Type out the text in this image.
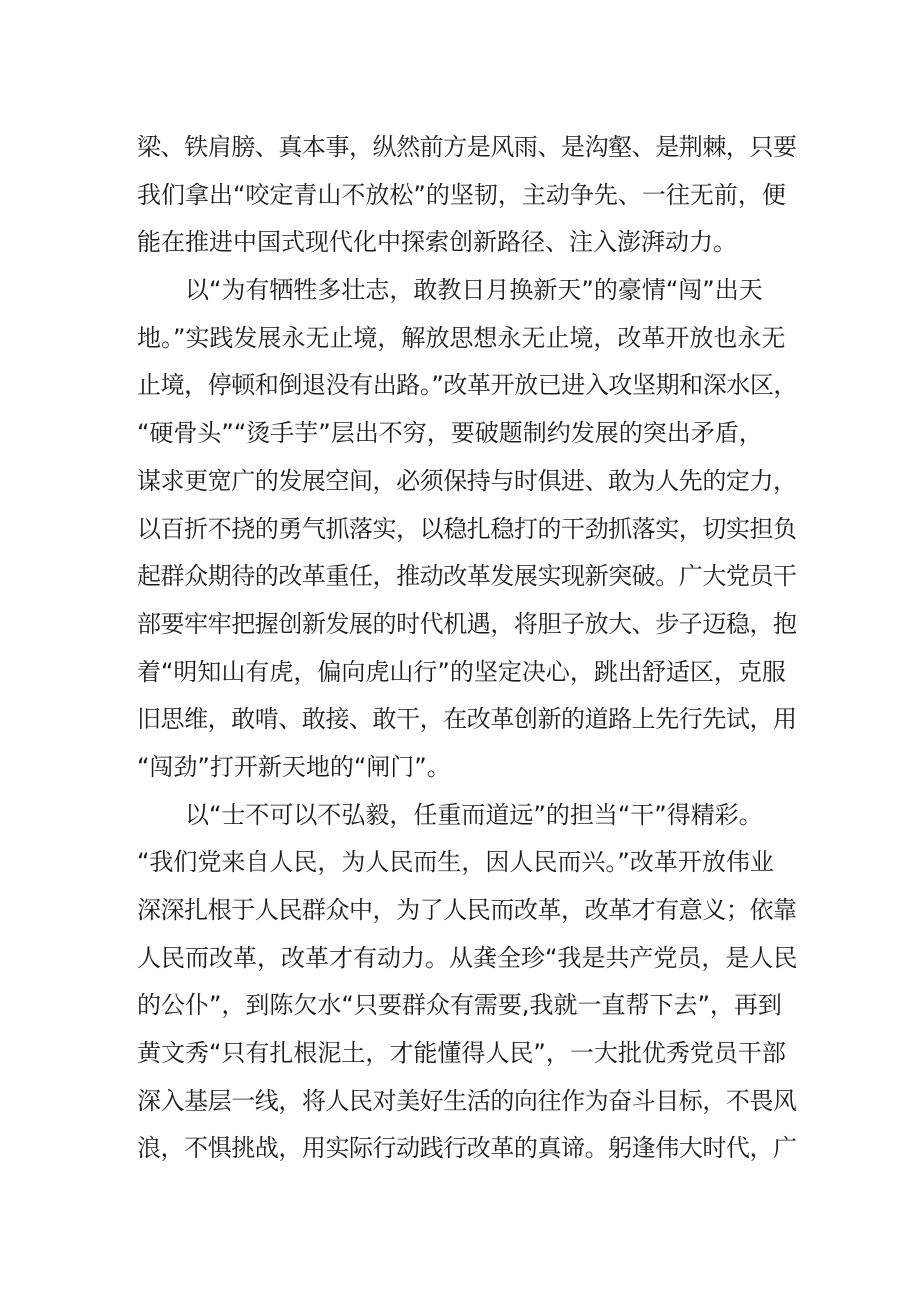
梁、铁肩膀、真本事，纵然前方是风雨、是沟壑、是荆棘，只要
我们拿出“咬定青山不放松”的坚韧，主动争先、一往无前，便
能在推进中国式现代化中探索创新路径、注入澎湃动力。
以“为有牺牲多壮志，敢教日月换新天”的豪情“闯”出天
地。”实践发展永无止境，解放思想永无止境，改革开放也永无
止境，停顿和倒退没有出路。”改革开放已进入攻坚期和深水区，
“硬骨头”“烫手芋”层出不穷，要破题制约发展的突出矛盾，
谋求更宽广的发展空间，必须保持与时俱进、敢为人先的定力，
以百折不挠的勇气抓落实，以稳扎稳打的干劲抓落实，切实担负
起群众期待的改革重任，推动改革发展实现新突破。广大党员干
部要牢牢把握创新发展的时代机遇，将胆子放大、步子迈稳，抱
着“明知山有虎，偏向虎山行”的坚定决心，跳出舒适区，克服
旧思维，敢啃、敢接、敢干，在改革创新的道路上先行先试，用
“闯劲”打开新天地的“闸门”。
以“士不可以不弘毅，任重而道远”的担当“干”得精彩。
“我们党来自人民，为人民而生，因人民而兴。”改革开放伟业
深深扎根于人民群众中，为了人民而改革，改革才有意义；依靠
人民而改革，改革才有动力。从龚全珍“我是共产党员，是人民
的公仆”，到陈欠水“只要群众有需要,我就一直帮下去”，再到
黄文秀“只有扎根泥土，才能懂得人民”，一大批优秀党员干部
深入基层一线，将人民对美好生活的向往作为奋斗目标，不畏风
浪，不惧挑战，用实际行动践行改革的真谛。躬逢伟大时代，广
